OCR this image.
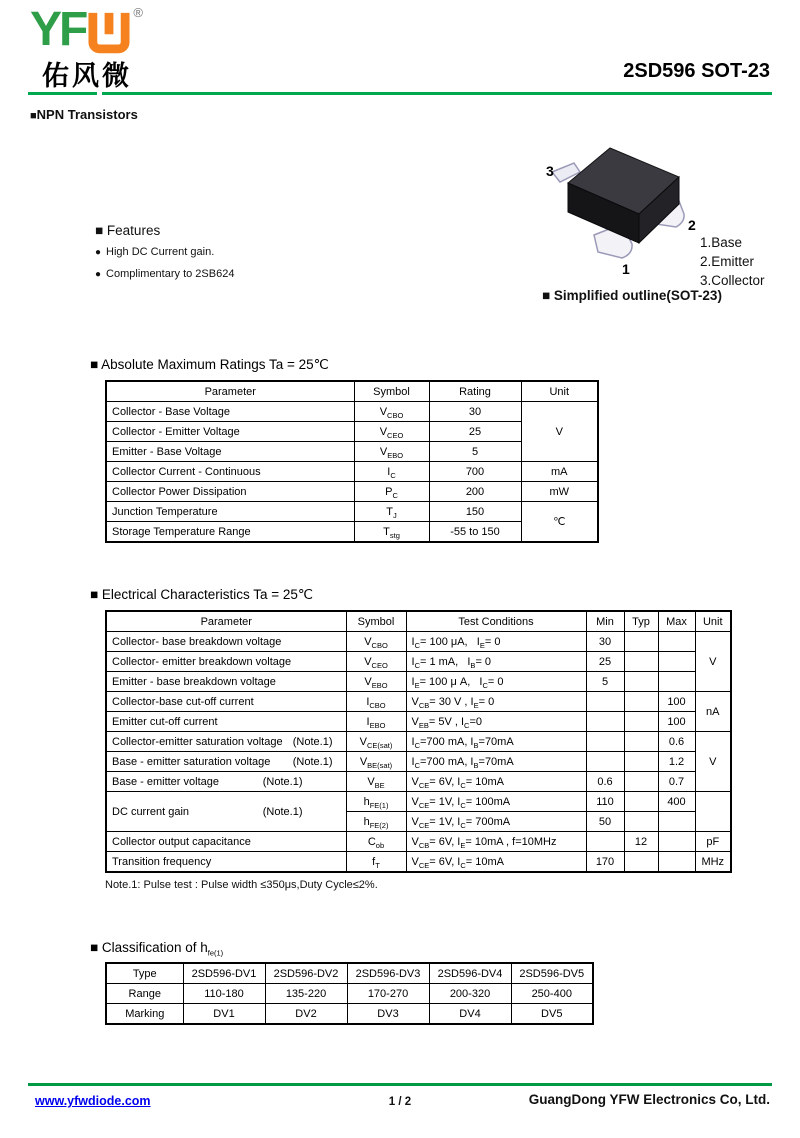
YF	®
佑风微	2SD596 SOT-23
■NPN Transistors
■ Features
● High DC Current gain.
● Complimentary to 2SB624
3
2
1
1.Base
2.Emitter
3.Collector
■ Simplified outline(SOT-23)
■ Absolute Maximum Ratings Ta = 25℃
Parameter	Symbol	Rating	Unit
Collector - Base Voltage	$V_{CBO}$	30	V
Collector - Emitter Voltage	$V_{CEO}$	25	
Emitter - Base Voltage	$V_{EBO}$	5	
Collector Current - Continuous	$I_C$	700	mA
Collector Power Dissipation	$P_C$	200	mW
Junction Temperature	$T_J$	150	℃
Storage Temperature Range	$T_{stg}$	-55 to 150	
■ Electrical Characteristics Ta = 25℃
Parameter	Symbol	Test Conditions	Min	Typ	Max	Unit
Collector- base breakdown voltage	$V_{CBO}$	$I_C= 100$ μA,   $I_E= 0$	30			V
Collector- emitter breakdown voltage	$V_{CEO}$	$I_C= 1$ mA,   $I_B= 0$	25			
Emitter - base breakdown voltage	$V_{EBO}$	$I_E= 100$ μ A,   $I_C= 0$	5			
Collector-base cut-off current	$I_{CBO}$	$V_{CB}= 30$ V , $I_E= 0$			100	nA
Emitter cut-off current	$I_{EBO}$	$V_{EB}= 5V$ , $I_C=0$			100	

Collector-emitter saturation voltage (Note.1)	$V_{CE(sat)}$	$I_C=700$ mA, $I_B=70mA$			0.6	V

Base - emitter saturation voltage (Note.1)	$V_{BE(sat)}$	$I_C=700$ mA, $I_B=70mA$			1.2	

Base - emitter voltage (Note.1)	$V_{BE}$	$V_{CE}= 6V$, $I_C= 10mA$	0.6		0.7	

DC current gain (Note.1)	$h_{FE(1)}$	$V_{CE}= 1V$, $I_C= 100mA$	110		400	
	$h_{FE(2)}$	$V_{CE}= 1V$, $I_C= 700mA$	50			
Collector output capacitance	$C_{ob}$	$V_{CB}= 6V$, $I_E= 10mA$ , f=10MHz		12		pF
Transition frequency	$f_T$	$V_{CE}= 6V$, $I_C= 10mA$	170			MHz
Note.1: Pulse test : Pulse width ≤350μs,Duty Cycle≤2%.
■ Classification of $h_{fe(1)}$
Type	2SD596-DV1	2SD596-DV2	2SD596-DV3	2SD596-DV4	2SD596-DV5
Range	110-180	135-220	170-270	200-320	250-400
Marking	DV1	DV2	DV3	DV4	DV5
www.yfwdiode.com	1 / 2	GuangDong YFW Electronics Co, Ltd.
